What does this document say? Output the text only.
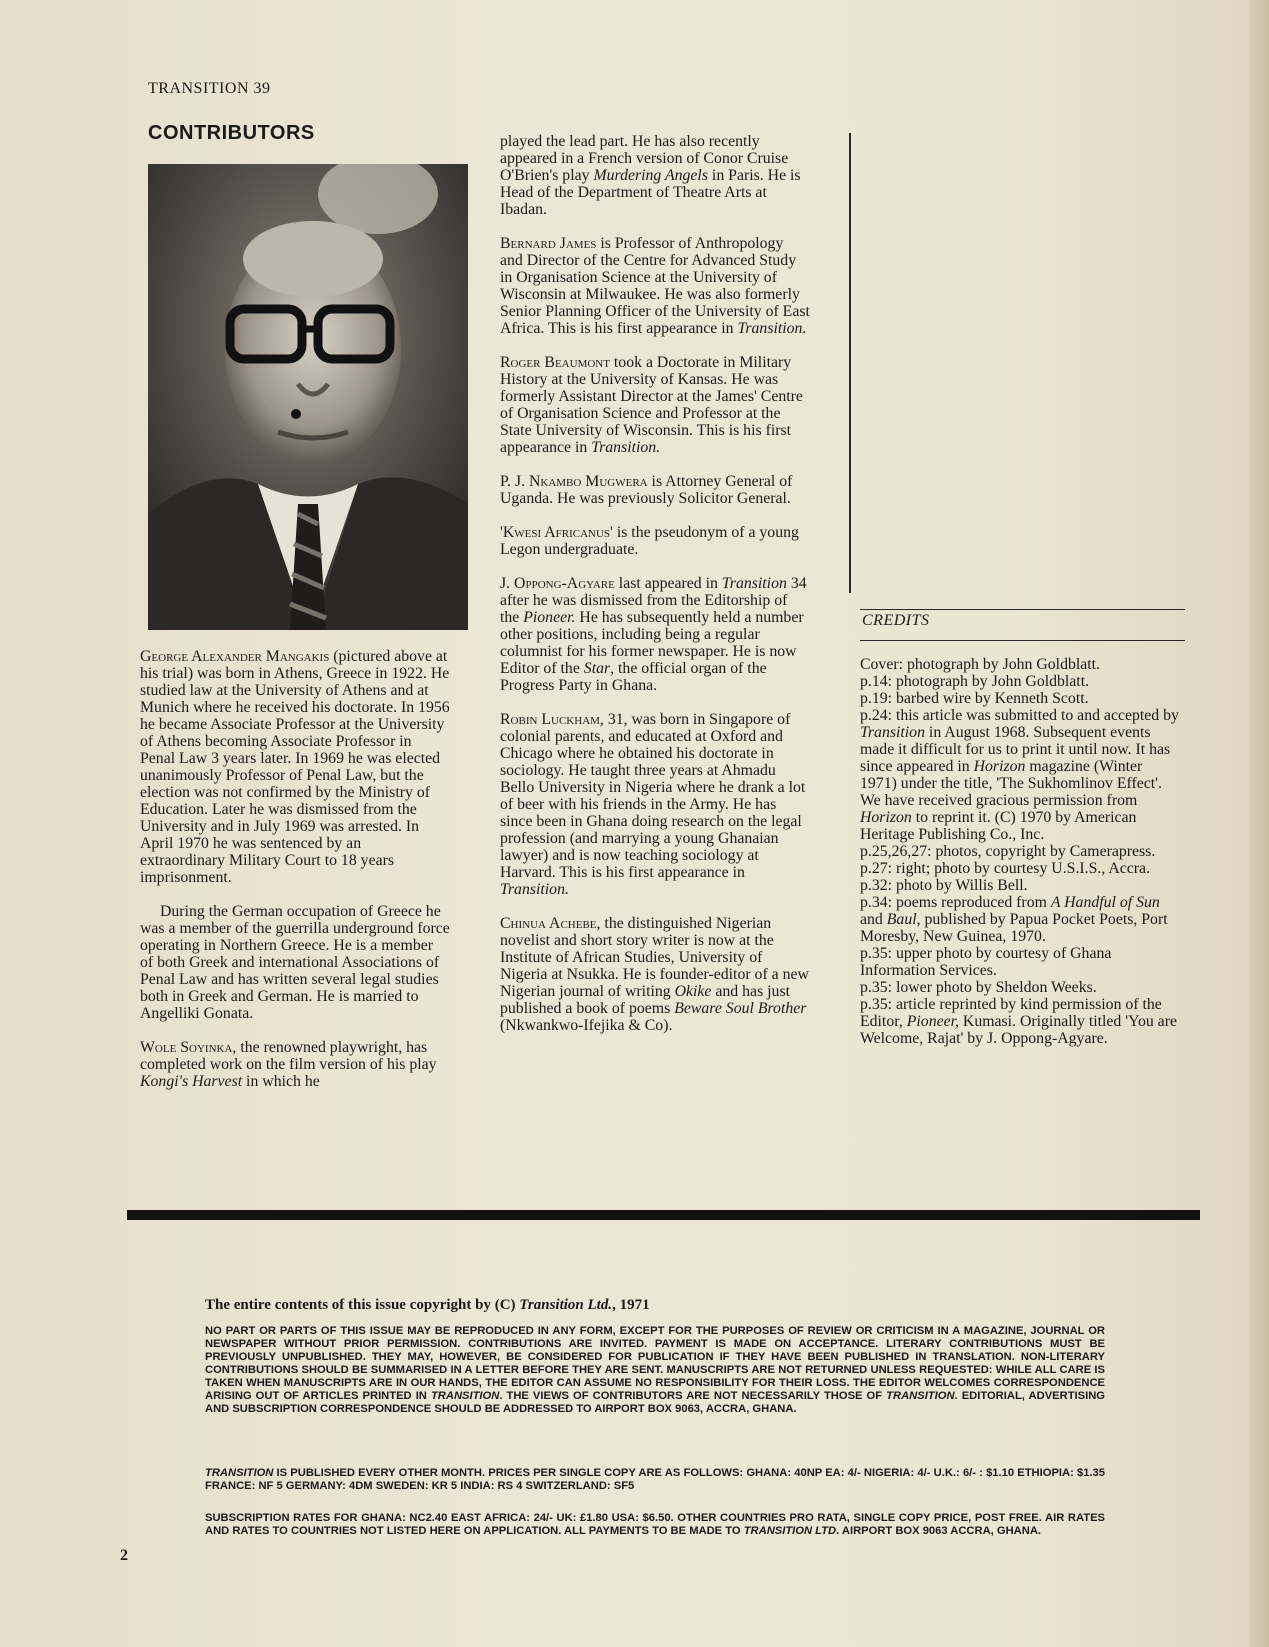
TRANSITION 39
CONTRIBUTORS

George Alexander Mangakis (pictured above at his trial) was born in Athens, Greece in 1922. He studied law at the University of Athens and at Munich where he received his doctorate. In 1956 he became Associate Professor at the University of Athens becoming Associate Professor in Penal Law 3 years later. In 1969 he was elected unanimously Professor of Penal Law, but the election was not confirmed by the Ministry of Education. Later he was dismissed from the University and in July 1969 was arrested. In April 1970 he was sentenced by an extraordinary Military Court to 18 years imprisonment.

During the German occupation of Greece he was a member of the guerrilla underground force operating in Northern Greece. He is a member of both Greek and international Associations of Penal Law and has written several legal studies both in Greek and German. He is married to Angelliki Gonata.

Wole Soyinka, the renowned playwright, has completed work on the film version of his play Kongi's Harvest in which he

played the lead part. He has also recently appeared in a French version of Conor Cruise O'Brien's play Murdering Angels in Paris. He is Head of the Department of Theatre Arts at Ibadan.

Bernard James is Professor of Anthropology and Director of the Centre for Advanced Study in Organisation Science at the University of Wisconsin at Milwaukee. He was also formerly Senior Planning Officer of the University of East Africa. This is his first appearance in Transition.

Roger Beaumont took a Doctorate in Military History at the University of Kansas. He was formerly Assistant Director at the James' Centre of Organisation Science and Professor at the State University of Wisconsin. This is his first appearance in Transition.

P. J. Nkambo Mugwera is Attorney General of Uganda. He was previously Solicitor General.

'Kwesi Africanus' is the pseudonym of a young Legon undergraduate.

J. Oppong-Agyare last appeared in Transition 34 after he was dismissed from the Editorship of the Pioneer. He has subsequently held a number other positions, including being a regular columnist for his former newspaper. He is now Editor of the Star, the official organ of the Progress Party in Ghana.

Robin Luckham, 31, was born in Singapore of colonial parents, and educated at Oxford and Chicago where he obtained his doctorate in sociology. He taught three years at Ahmadu Bello University in Nigeria where he drank a lot of beer with his friends in the Army. He has since been in Ghana doing research on the legal profession (and marrying a young Ghanaian lawyer) and is now teaching sociology at Harvard. This is his first appearance in Transition.

Chinua Achebe, the distinguished Nigerian novelist and short story writer is now at the Institute of African Studies, University of Nigeria at Nsukka. He is founder-editor of a new Nigerian journal of writing Okike and has just published a book of poems Beware Soul Brother (Nkwankwo-Ifejika & Co).

CREDITS
Cover: photograph by John Goldblatt.
p.14: photograph by John Goldblatt.
p.19: barbed wire by Kenneth Scott.
p.24: this article was submitted to and accepted by Transition in August 1968. Subsequent events made it difficult for us to print it until now. It has since appeared in Horizon magazine (Winter 1971) under the title, 'The Sukhomlinov Effect'. We have received gracious permission from Horizon to reprint it. (C) 1970 by American Heritage Publishing Co., Inc.
p.25,26,27: photos, copyright by Camerapress.
p.27: right; photo by courtesy U.S.I.S., Accra.
p.32: photo by Willis Bell.
p.34: poems reproduced from A Handful of Sun and Baul, published by Papua Pocket Poets, Port Moresby, New Guinea, 1970.
p.35: upper photo by courtesy of Ghana Information Services.
p.35: lower photo by Sheldon Weeks.
p.35: article reprinted by kind permission of the Editor, Pioneer, Kumasi. Originally titled 'You are Welcome, Rajat' by J. Oppong-Agyare.
The entire contents of this issue copyright by (C) Transition Ltd., 1971
NO PART OR PARTS OF THIS ISSUE MAY BE REPRODUCED IN ANY FORM, EXCEPT FOR THE PURPOSES OF REVIEW OR CRITICISM IN A MAGAZINE, JOURNAL OR NEWSPAPER WITHOUT PRIOR PERMISSION. CONTRIBUTIONS ARE INVITED. PAYMENT IS MADE ON ACCEPTANCE. LITERARY CONTRIBUTIONS MUST BE PREVIOUSLY UNPUBLISHED. THEY MAY, HOWEVER, BE CONSIDERED FOR PUBLICATION IF THEY HAVE BEEN PUBLISHED IN TRANSLATION. NON-LITERARY CONTRIBUTIONS SHOULD BE SUMMARISED IN A LETTER BEFORE THEY ARE SENT. MANUSCRIPTS ARE NOT RETURNED UNLESS REQUESTED: WHILE ALL CARE IS TAKEN WHEN MANUSCRIPTS ARE IN OUR HANDS, THE EDITOR CAN ASSUME NO RESPONSIBILITY FOR THEIR LOSS. THE EDITOR WELCOMES CORRESPONDENCE ARISING OUT OF ARTICLES PRINTED IN TRANSITION. THE VIEWS OF CONTRIBUTORS ARE NOT NECESSARILY THOSE OF TRANSITION. EDITORIAL, ADVERTISING AND SUBSCRIPTION CORRESPONDENCE SHOULD BE ADDRESSED TO AIRPORT BOX 9063, ACCRA, GHANA.
TRANSITION IS PUBLISHED EVERY OTHER MONTH. PRICES PER SINGLE COPY ARE AS FOLLOWS: GHANA: 40NP EA: 4/- NIGERIA: 4/- U.K.: 6/- : $1.10 ETHIOPIA: $1.35 FRANCE: NF 5 GERMANY: 4DM SWEDEN: KR 5 INDIA: RS 4 SWITZERLAND: SF5
SUBSCRIPTION RATES FOR GHANA: NC2.40 EAST AFRICA: 24/- UK: £1.80 USA: $6.50. OTHER COUNTRIES PRO RATA, SINGLE COPY PRICE, POST FREE. AIR RATES AND RATES TO COUNTRIES NOT LISTED HERE ON APPLICATION. ALL PAYMENTS TO BE MADE TO TRANSITION LTD. AIRPORT BOX 9063 ACCRA, GHANA.
2
